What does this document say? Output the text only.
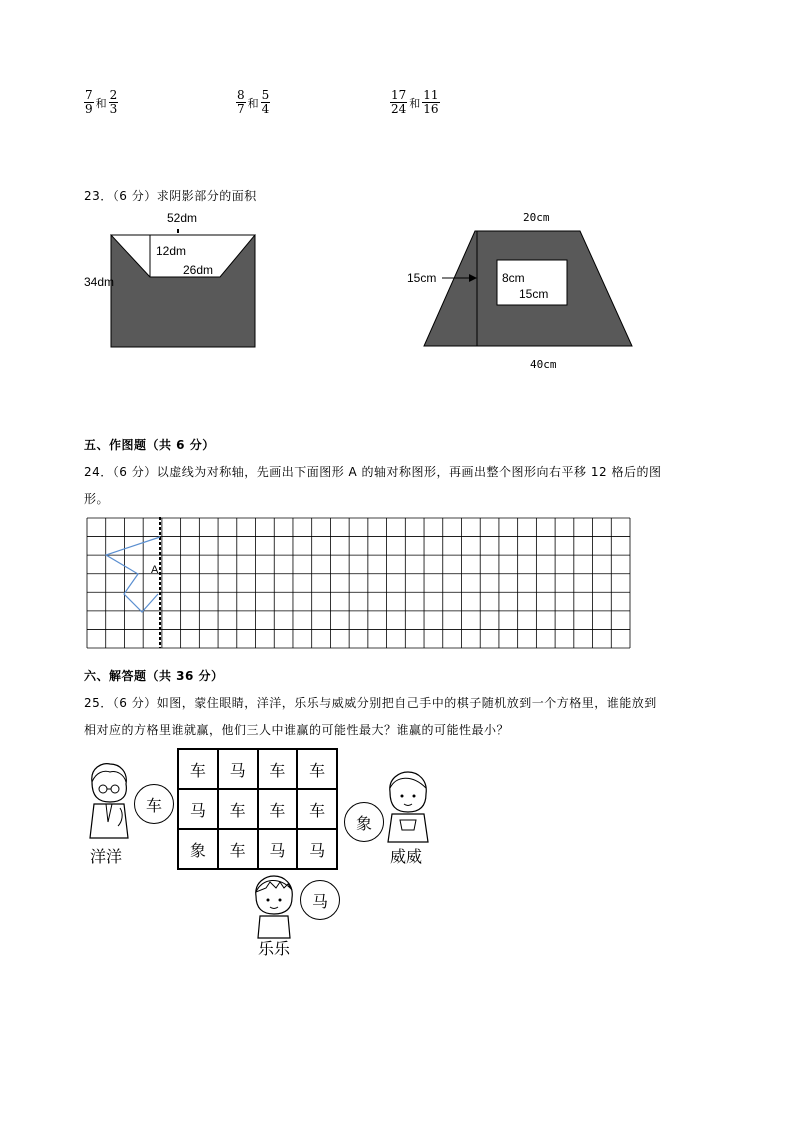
$\frac{7}{9}$ 和 $\frac{2}{3}$	$\frac{8}{7}$ 和 $\frac{5}{4}$	$\frac{17}{24}$ 和 $\frac{11}{16}$
23．（6 分）求阴影部分的面积
52dm
34dm
12dm
26dm
20cm
15cm	8cm
15cm
40cm
五、作图题（共 6 分）
24．（6 分）以虚线为对称轴，先画出下面图形 A 的轴对称图形，再画出整个图形向右平移 12 格后的图
形。
A
六、解答题（共 36 分）
25．（6 分）如图，蒙住眼睛，洋洋，乐乐与威威分别把自己手中的棋子随机放到一个方格里，谁能放到
相对应的方格里谁就赢，他们三人中谁赢的可能性最大？谁赢的可能性最小？
车	马	车	车
马	车	车	车
象	车	马	马
车
洋洋
象
威威
马
乐乐
